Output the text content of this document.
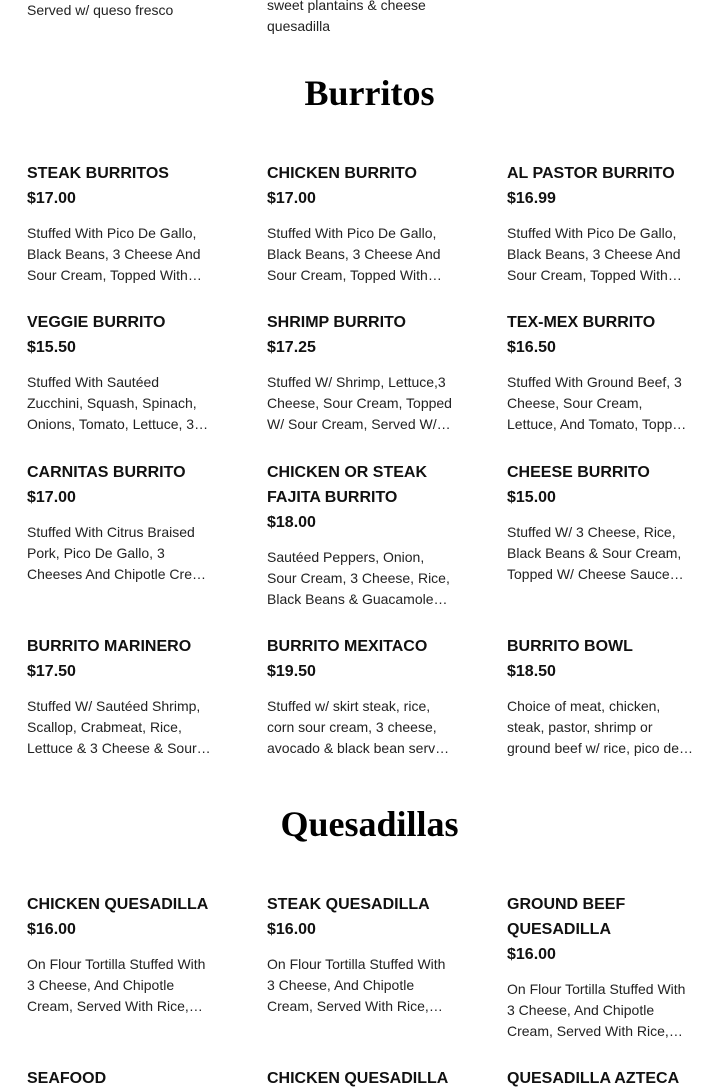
Served w/ queso fresco	sweet plantains & cheese quesadilla
Burritos
STEAK BURRITOS
$17.00
Stuffed With Pico De Gallo, Black Beans, 3 Cheese And Sour Cream, Topped With…
CHICKEN BURRITO
$17.00
Stuffed With Pico De Gallo, Black Beans, 3 Cheese And Sour Cream, Topped With…
AL PASTOR BURRITO
$16.99
Stuffed With Pico De Gallo, Black Beans, 3 Cheese And Sour Cream, Topped With…
VEGGIE BURRITO
$15.50
Stuffed With Sautéed Zucchini, Squash, Spinach, Onions, Tomato, Lettuce, 3…
SHRIMP BURRITO
$17.25
Stuffed W/ Shrimp, Lettuce,3 Cheese, Sour Cream, Topped W/ Sour Cream, Served W/…
TEX-MEX BURRITO
$16.50
Stuffed With Ground Beef, 3 Cheese, Sour Cream, Lettuce, And Tomato, Topp…
CARNITAS BURRITO
$17.00
Stuffed With Citrus Braised Pork, Pico De Gallo, 3 Cheeses And Chipotle Cre…
CHICKEN OR STEAK FAJITA BURRITO
$18.00
Sautéed Peppers, Onion, Sour Cream, 3 Cheese, Rice, Black Beans & Guacamole…
CHEESE BURRITO
$15.00
Stuffed W/ 3 Cheese, Rice, Black Beans & Sour Cream, Topped W/ Cheese Sauce…
BURRITO MARINERO
$17.50
Stuffed W/ Sautéed Shrimp, Scallop, Crabmeat, Rice, Lettuce & 3 Cheese & Sour…
BURRITO MEXITACO
$19.50
Stuffed w/ skirt steak, rice, corn sour cream, 3 cheese, avocado & black bean serv…
BURRITO BOWL
$18.50
Choice of meat, chicken, steak, pastor, shrimp or ground beef w/ rice, pico de…
Quesadillas
CHICKEN QUESADILLA
$16.00
On Flour Tortilla Stuffed With 3 Cheese, And Chipotle Cream, Served With Rice,…
STEAK QUESADILLA
$16.00
On Flour Tortilla Stuffed With 3 Cheese, And Chipotle Cream, Served With Rice,…
GROUND BEEF QUESADILLA
$16.00
On Flour Tortilla Stuffed With 3 Cheese, And Chipotle Cream, Served With Rice,…
SEAFOOD	CHICKEN QUESADILLA	QUESADILLA AZTECA
